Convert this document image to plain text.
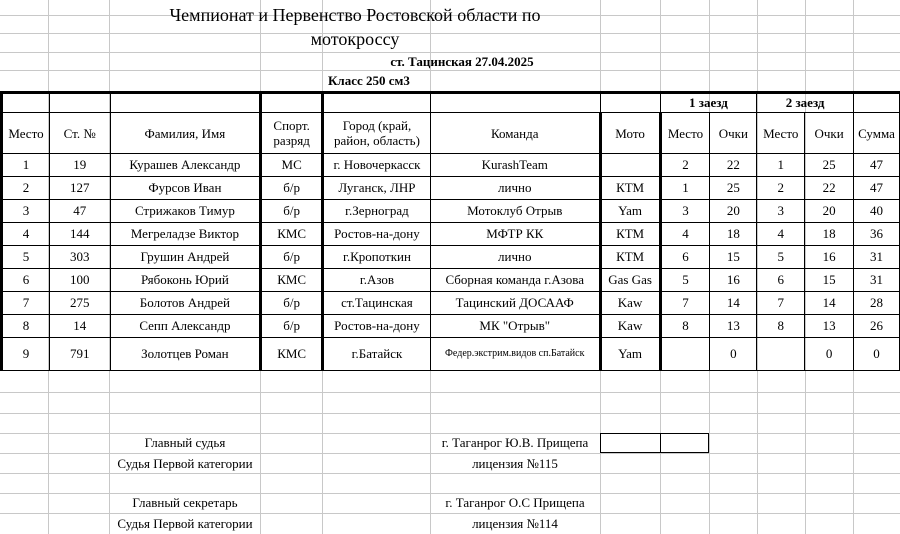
Чемпионат и Первенство Ростовской области по
мотокроссу
ст. Тацинская 27.04.2025
Класс 250 см3
							1 заезд		2 заезд		
Место	Ст. №	Фамилия, Имя	Спорт. разряд	Город (край, район, область)	Команда	Мото	Место	Очки	Место	Очки	Сумма
1	19	Курашев Александр	МС	г. Новочеркасск	KurashTeam		2	22	1	25	47
2	127	Фурсов Иван	б/р	Луганск, ЛНР	лично	КТМ	1	25	2	22	47
3	47	Стрижаков Тимур	б/р	г.Зерноград	Мотоклуб Отрыв	Yam	3	20	3	20	40
4	144	Мегреладзе Виктор	КМС	Ростов-на-дону	МФТР КК	КТМ	4	18	4	18	36
5	303	Грушин Андрей	б/р	г.Кропоткин	лично	КТМ	6	15	5	16	31
6	100	Рябоконь Юрий	КМС	г.Азов	Сборная команда г.Азова	Gas Gas	5	16	6	15	31
7	275	Болотов Андрей	б/р	ст.Тацинская	Тацинский ДОСААФ	Kaw	7	14	7	14	28
8	14	Сепп Александр	б/р	Ростов-на-дону	МК "Отрыв"	Kaw	8	13	8	13	26
9	791	Золотцев Роман	КМС	г.Батайск	Федер.экстрим.видов сп.Батайск	Yam		0		0	0
Главный судья
Судья Первой категории
г. Таганрог Ю.В. Прищепа
лицензия №115
Главный секретарь
Судья Первой категории
г. Таганрог О.С Прищепа
лицензия №114
